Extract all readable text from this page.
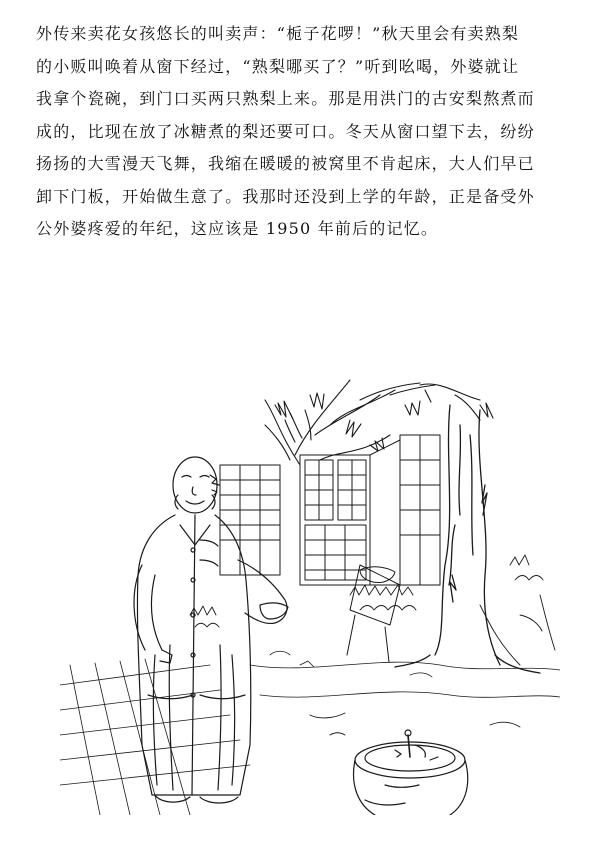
外传来卖花女孩悠长的叫卖声：“栀子花啰！”秋天里会有卖熟梨
的小贩叫唤着从窗下经过，“熟梨哪买了？”听到吆喝，外婆就让
我拿个瓷碗，到门口买两只熟梨上来。那是用洪门的古安梨熬煮而
成的，比现在放了冰糖煮的梨还要可口。冬天从窗口望下去，纷纷
扬扬的大雪漫天飞舞，我缩在暖暖的被窝里不肯起床，大人们早已
卸下门板，开始做生意了。我那时还没到上学的年龄，正是备受外
公外婆疼爱的年纪，这应该是 1950 年前后的记忆。
